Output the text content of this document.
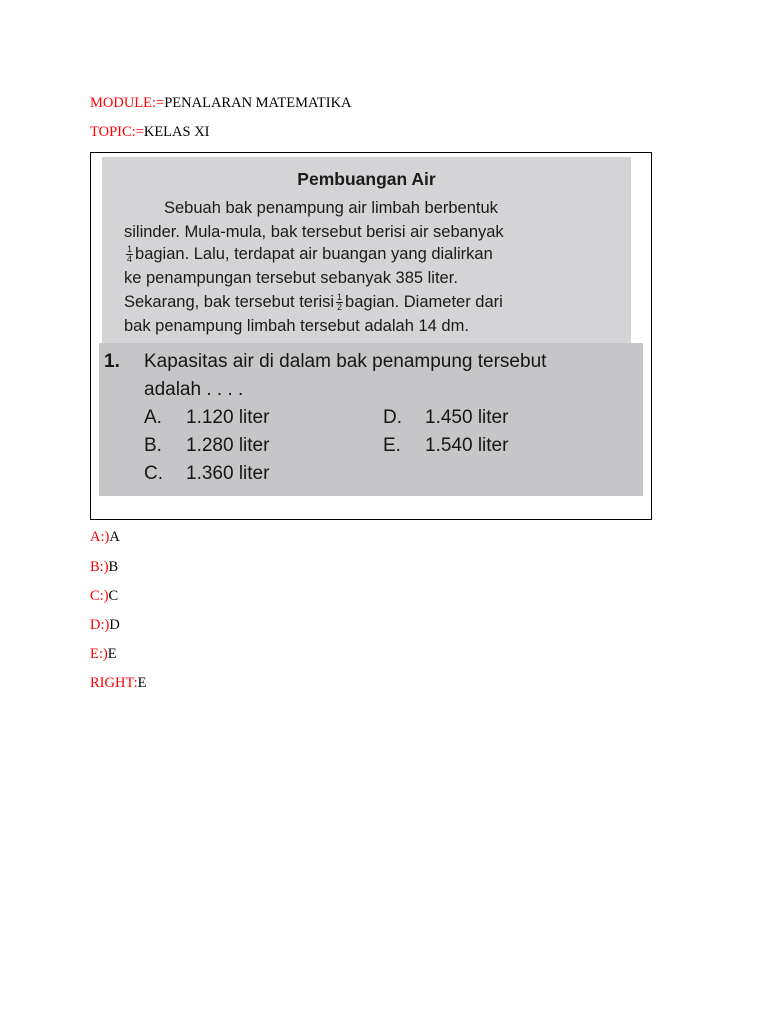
MODULE:=PENALARAN MATEMATIKA
TOPIC:=KELAS XI
Pembuangan Air
Sebuah bak penampung air limbah berbentuk
silinder. Mula-mula, bak tersebut berisi air sebanyak
$\frac{1}{4}$ bagian. Lalu, terdapat air buangan yang dialirkan
ke penampungan tersebut sebanyak 385 liter.
Sekarang, bak tersebut terisi $\frac{1}{2}$ bagian. Diameter dari
bak penampung limbah tersebut adalah 14 dm.
1. Kapasitas air di dalam bak penampung tersebut
adalah . . . .
A. 1.120 liter
B. 1.280 liter
C. 1.360 liter
D. 1.450 liter
E. 1.540 liter
A:)A
B:)B
C:)C
D:)D
E:)E
RIGHT:E
